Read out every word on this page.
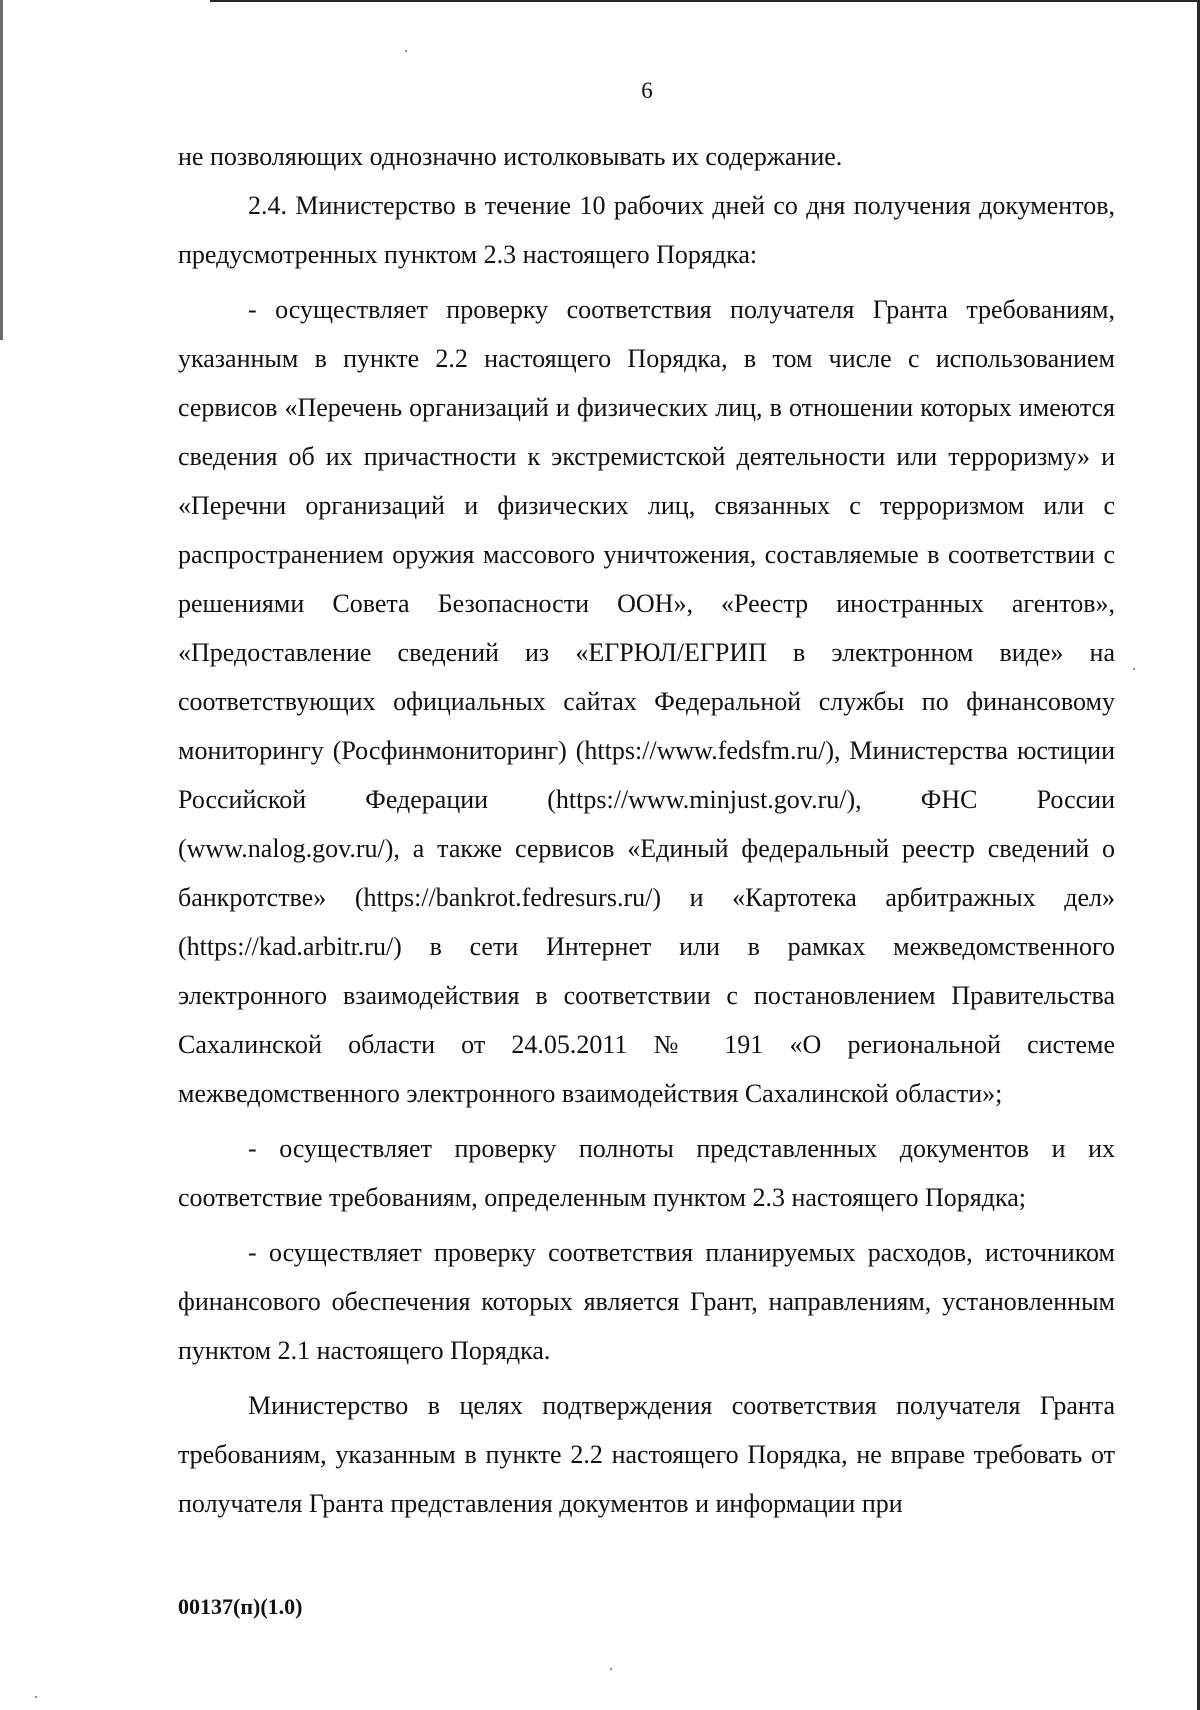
6

не позволяющих однозначно истолковывать их содержание.

2.4. Министерство в течение 10 рабочих дней со дня получения документов, предусмотренных пунктом 2.3 настоящего Порядка:

- осуществляет проверку соответствия получателя Гранта требованиям, указанным в пункте 2.2 настоящего Порядка, в том числе с использованием сервисов «Перечень организаций и физических лиц, в отношении которых имеются сведения об их причастности к экстремистской деятельности или терроризму» и «Перечни организаций и физических лиц, связанных с терроризмом или с распространением оружия массового уничтожения, составляемые в соответствии с решениями Совета Безопасности ООН», «Реестр иностранных агентов», «Предоставление сведений из «ЕГРЮЛ/ЕГРИП в электронном виде» на соответствующих официальных сайтах Федеральной службы по финансовому мониторингу (Росфинмониторинг) (https://www.fedsfm.ru/), Министерства юстиции Российской Федерации (https://www.minjust.gov.ru/), ФНС России (www.nalog.gov.ru/), а также сервисов «Единый федеральный реестр сведений о банкротстве» (https://bankrot.fedresurs.ru/) и «Картотека арбитражных дел» (https://kad.arbitr.ru/) в сети Интернет или в рамках межведомственного электронного взаимодействия в соответствии с постановлением Правительства Сахалинской области от 24.05.2011 № 191 «О региональной системе межведомственного электронного взаимодействия Сахалинской области»;

- осуществляет проверку полноты представленных документов и их соответствие требованиям, определенным пунктом 2.3 настоящего Порядка;

- осуществляет проверку соответствия планируемых расходов, источником финансового обеспечения которых является Грант, направлениям, установленным пунктом 2.1 настоящего Порядка.

Министерство в целях подтверждения соответствия получателя Гранта требованиям, указанным в пункте 2.2 настоящего Порядка, не вправе требовать от получателя Гранта представления документов и информации при

00137(п)(1.0)
